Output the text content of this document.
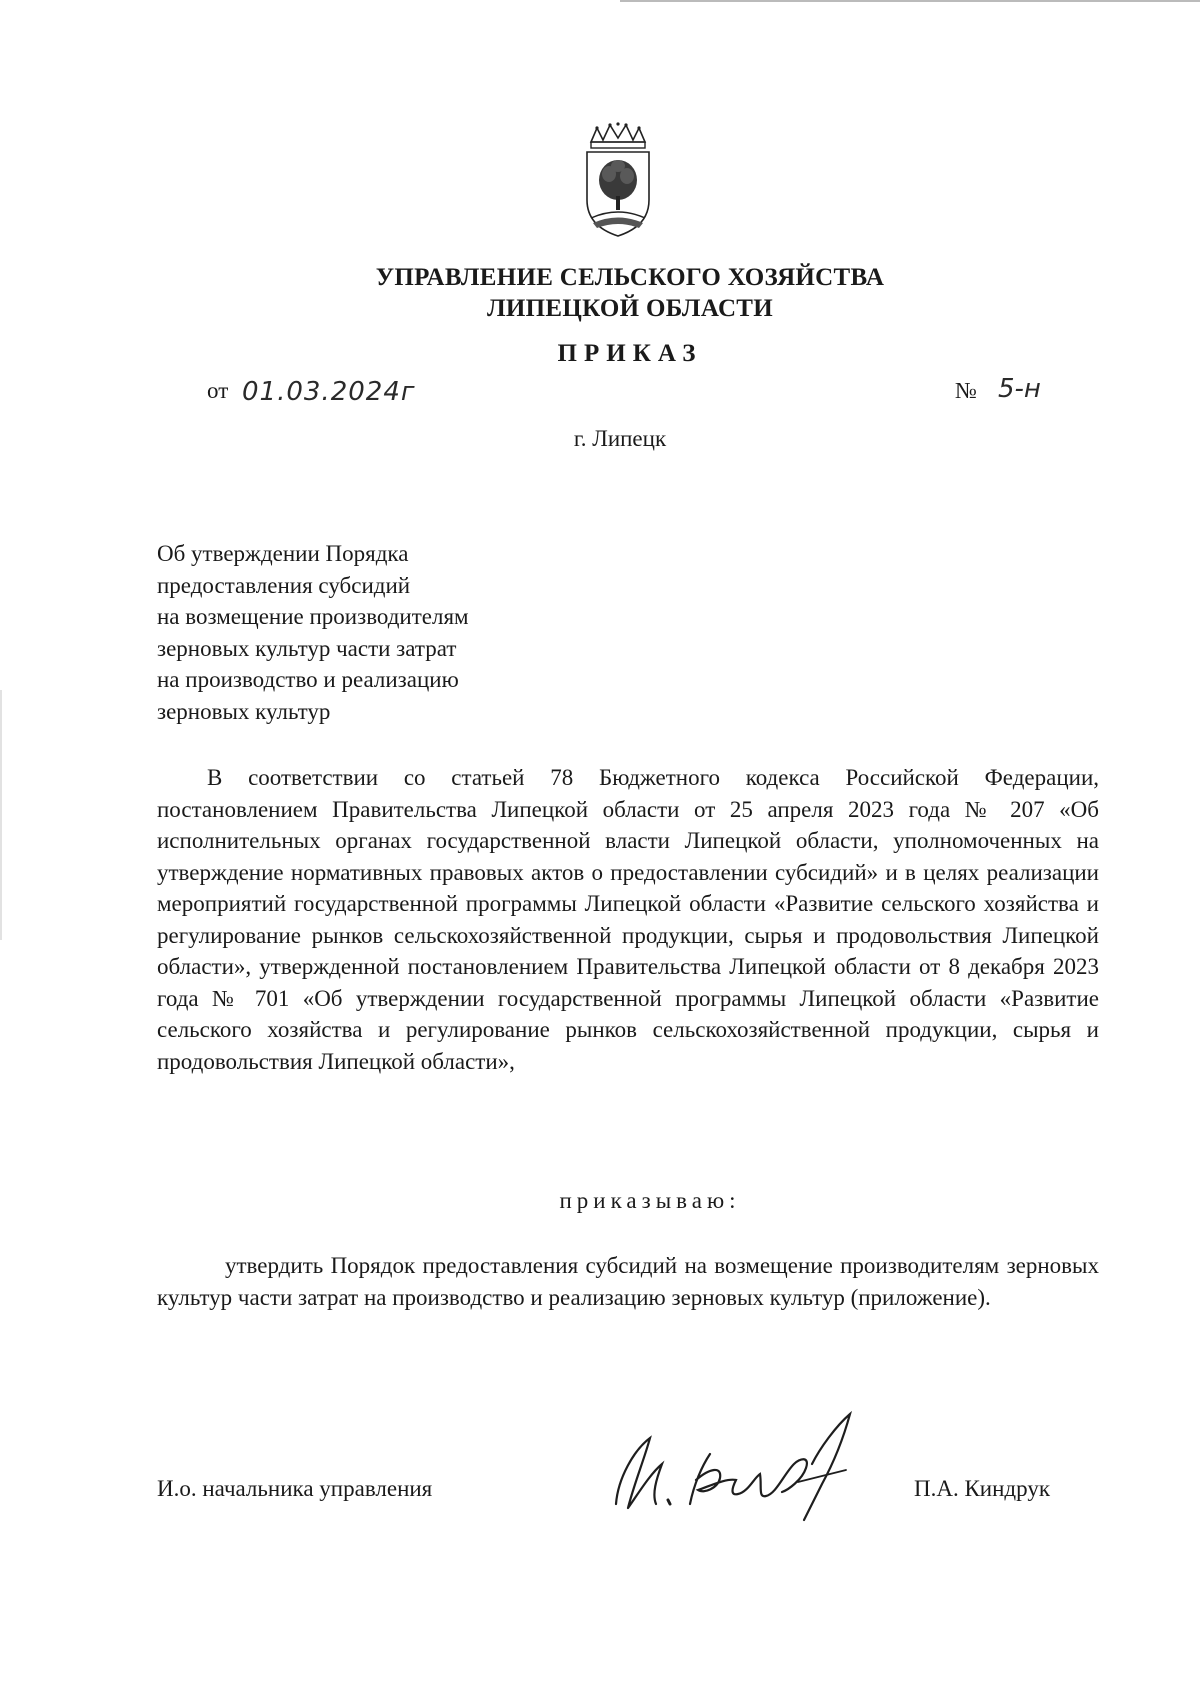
УПРАВЛЕНИЕ СЕЛЬСКОГО ХОЗЯЙСТВА
ЛИПЕЦКОЙ ОБЛАСТИ
ПРИКАЗ
от 01.03.2024г	№ 5-н
г. Липецк
Об утверждении Порядка
предоставления субсидий
на возмещение производителям
зерновых культур части затрат
на производство и реализацию
зерновых культур

В соответствии со статьей 78 Бюджетного кодекса Российской Федерации, постановлением Правительства Липецкой области от 25 апреля 2023 года № 207 «Об исполнительных органах государственной власти Липецкой области, уполномоченных на утверждение нормативных правовых актов о предоставлении субсидий» и в целях реализации мероприятий государственной программы Липецкой области «Развитие сельского хозяйства и регулирование рынков сельскохозяйственной продукции, сырья и продовольствия Липецкой области», утвержденной постановлением Правительства Липецкой области от 8 декабря 2023 года № 701 «Об утверждении государственной программы Липецкой области «Развитие сельского хозяйства и регулирование рынков сельскохозяйственной продукции, сырья и продовольствия Липецкой области»,

приказываю:

утвердить Порядок предоставления субсидий на возмещение производителям зерновых культур части затрат на производство и реализацию зерновых культур (приложение).

И.о. начальника управления	П.А. Киндрук
